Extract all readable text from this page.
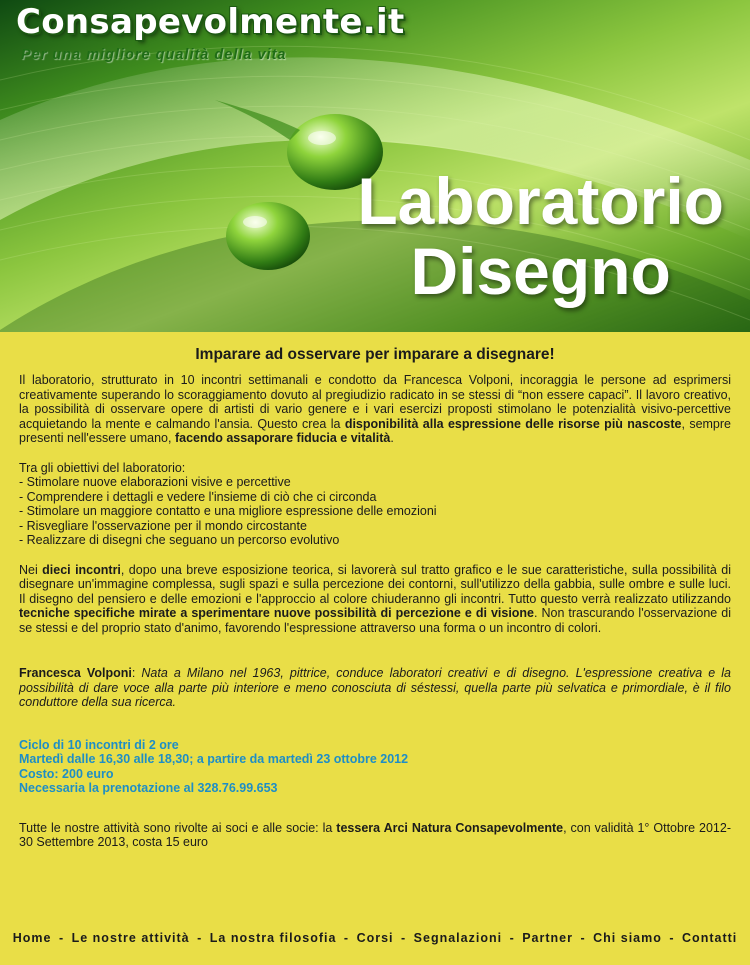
Consapevolmente.it
Per una migliore qualità della vita
Laboratorio
Disegno
Imparare ad osservare per imparare a disegnare!

Il laboratorio, strutturato in 10 incontri settimanali e condotto da Francesca Volponi, incoraggia le persone ad esprimersi creativamente superando lo scoraggiamento dovuto al pregiudizio radicato in se stessi di “non essere capaci”. Il lavoro creativo, la possibilità di osservare opere di artisti di vario genere e i vari esercizi proposti stimolano le potenzialità visivo-percettive acquietando la mente e calmando l'ansia. Questo crea la disponibilità alla espressione delle risorse più nascoste, sempre presenti nell'essere umano, facendo assaporare fiducia e vitalità.

Tra gli obiettivi del laboratorio:

- Stimolare nuove elaborazioni visive e percettive
- Comprendere i dettagli e vedere l'insieme di ciò che ci circonda
- Stimolare un maggiore contatto e una migliore espressione delle emozioni
- Risvegliare l'osservazione per il mondo circostante
- Realizzare di disegni che seguano un percorso evolutivo

Nei dieci incontri, dopo una breve esposizione teorica, si lavorerà sul tratto grafico e le sue caratteristiche, sulla possibilità di disegnare un'immagine complessa, sugli spazi e sulla percezione dei contorni, sull'utilizzo della gabbia, sulle ombre e sulle luci. Il disegno del pensiero e delle emozioni e l'approccio al colore chiuderanno gli incontri. Tutto questo verrà realizzato utilizzando tecniche specifiche mirate a sperimentare nuove possibilità di percezione e di visione. Non trascurando l'osservazione di se stessi e del proprio stato d'animo, favorendo l'espressione attraverso una forma o un incontro di colori.

Francesca Volponi: Nata a Milano nel 1963, pittrice, conduce laboratori creativi e di disegno. L'espressione creativa e la possibilità di dare voce alla parte più interiore e meno conosciuta di séstessi, quella parte più selvatica e primordiale, è il filo conduttore della sua ricerca.

Ciclo di 10 incontri di 2 ore
Martedì dalle 16,30 alle 18,30; a partire da martedì 23 ottobre 2012
Costo: 200 euro
Necessaria la prenotazione al 328.76.99.653

Tutte le nostre attività sono rivolte ai soci e alle socie: la tessera Arci Natura Consapevolmente, con validità 1° Ottobre 2012-30 Settembre 2013, costa 15 euro

Home - Le nostre attività - La nostra filosofia - Corsi - Segnalazioni - Partner - Chi siamo - Contatti
